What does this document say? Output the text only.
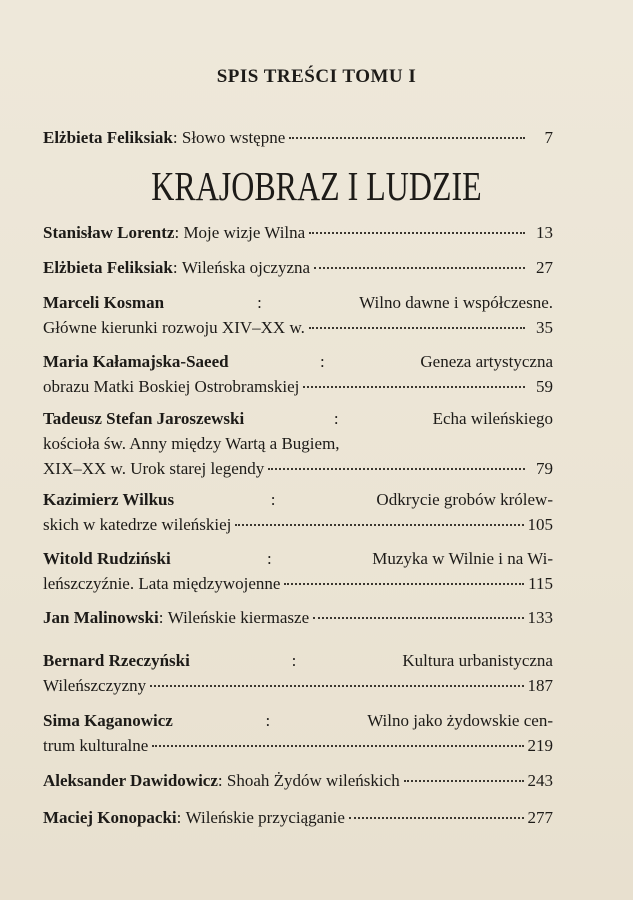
SPIS TREŚCI TOMU I
Elżbieta Feliksiak : Słowo wstępne	7
KRAJOBRAZ I LUDZIE
Stanisław Lorentz : Moje wizje Wilna	13
Elżbieta Feliksiak : Wileńska ojczyzna	27
Marceli Kosman	:	Wilno dawne i współczesne.
Główne kierunki rozwoju XIV–XX w.	35
Maria Kałamajska-Saeed	:	Geneza artystyczna
obrazu Matki Boskiej Ostrobramskiej	59
Tadeusz Stefan Jaroszewski	:	Echa wileńskiego
kościoła św. Anny między Wartą a Bugiem,
XIX–XX w. Urok starej legendy	79
Kazimierz Wilkus	:	Odkrycie grobów królew-
skich w katedrze wileńskiej	105
Witold Rudziński	:	Muzyka w Wilnie i na Wi-
leńszczyźnie. Lata międzywojenne	115
Jan Malinowski : Wileńskie kiermasze	133
Bernard Rzeczyński	:	Kultura urbanistyczna
Wileńszczyzny	187
Sima Kaganowicz	:	Wilno jako żydowskie cen-
trum kulturalne	219
Aleksander Dawidowicz : Shoah Żydów wileńskich	243
Maciej Konopacki : Wileńskie przyciąganie	277
